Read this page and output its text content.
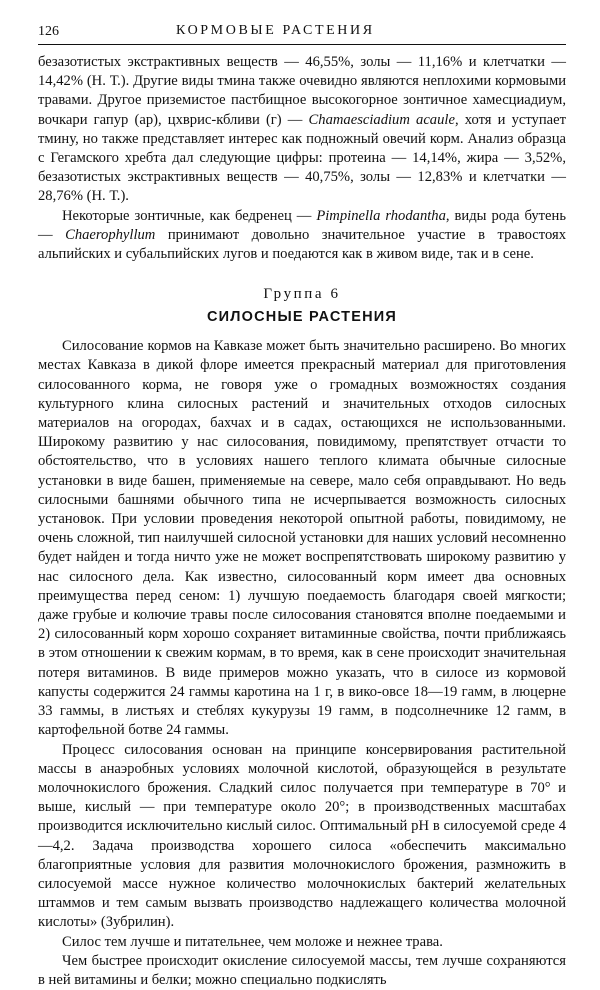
126	КОРМОВЫЕ РАСТЕНИЯ

безазотистых экстрактивных веществ — 46,55%, золы — 11,16% и клетчатки — 14,42% (Н. Т.). Другие виды тмина также очевидно являются неплохими кормовыми травами. Другое приземистое пастбищное высокогорное зонтичное хамесциадиум, вочкари гапур (ар), цхврис-кбливи (г) — Chamaesciadium acaule, хотя и уступает тмину, но также представляет интерес как подножный овечий корм. Анализ образца с Гегамского хребта дал следующие цифры: протеина — 14,14%, жира — 3,52%, безазотистых экстрактивных веществ — 40,75%, золы — 12,83% и клетчатки — 28,76% (Н. Т.).

Некоторые зонтичные, как бедренец — Pimpinella rhodantha, виды рода бутень — Chaerophyllum принимают довольно значительное участие в травостоях альпийских и субальпийских лугов и поедаются как в живом виде, так и в сене.

Группа 6
СИЛОСНЫЕ РАСТЕНИЯ

Силосование кормов на Кавказе может быть значительно расширено. Во многих местах Кавказа в дикой флоре имеется прекрасный материал для приготовления силосованного корма, не говоря уже о громадных возможностях создания культурного клина силосных растений и значительных отходов силосных материалов на огородах, бахчах и в садах, остающихся не использованными. Широкому развитию у нас силосования, повидимому, препятствует отчасти то обстоятельство, что в условиях нашего теплого климата обычные силосные установки в виде башен, применяемые на севере, мало себя оправдывают. Но ведь силосными башнями обычного типа не исчерпывается возможность силосных установок. При условии проведения некоторой опытной работы, повидимому, не очень сложной, тип наилучшей силосной установки для наших условий несомненно будет найден и тогда ничто уже не может воспрепятствовать широкому развитию у нас силосного дела. Как известно, силосованный корм имеет два основных преимущества перед сеном: 1) лучшую поедаемость благодаря своей мягкости; даже грубые и колючие травы после силосования становятся вполне поедаемыми и 2) силосованный корм хорошо сохраняет витаминные свойства, почти приближаясь в этом отношении к свежим кормам, в то время, как в сене происходит значительная потеря витаминов. В виде примеров можно указать, что в силосе из кормовой капусты содержится 24 гаммы каротина на 1 г, в вико-овсе 18—19 гамм, в люцерне 33 гаммы, в листьях и стеблях кукурузы 19 гамм, в подсолнечнике 12 гамм, в картофельной ботве 24 гаммы.

Процесс силосования основан на принципе консервирования растительной массы в анаэробных условиях молочной кислотой, образующейся в результате молочнокислого брожения. Сладкий силос получается при температуре в 70° и выше, кислый — при температуре около 20°; в производственных масштабах производится исключительно кислый силос. Оптимальный pH в силосуемой среде 4—4,2. Задача производства хорошего силоса «обеспечить максимально благоприятные условия для развития молочнокислого брожения, размножить в силосуемой массе нужное количество молочнокислых бактерий желательных штаммов и тем самым вызвать производство надлежащего количества молочной кислоты» (Зубрилин).

Силос тем лучше и питательнее, чем моложе и нежнее трава.

Чем быстрее происходит окисление силосуемой массы, тем лучше сохраняются в ней витамины и белки; можно специально подкислять
